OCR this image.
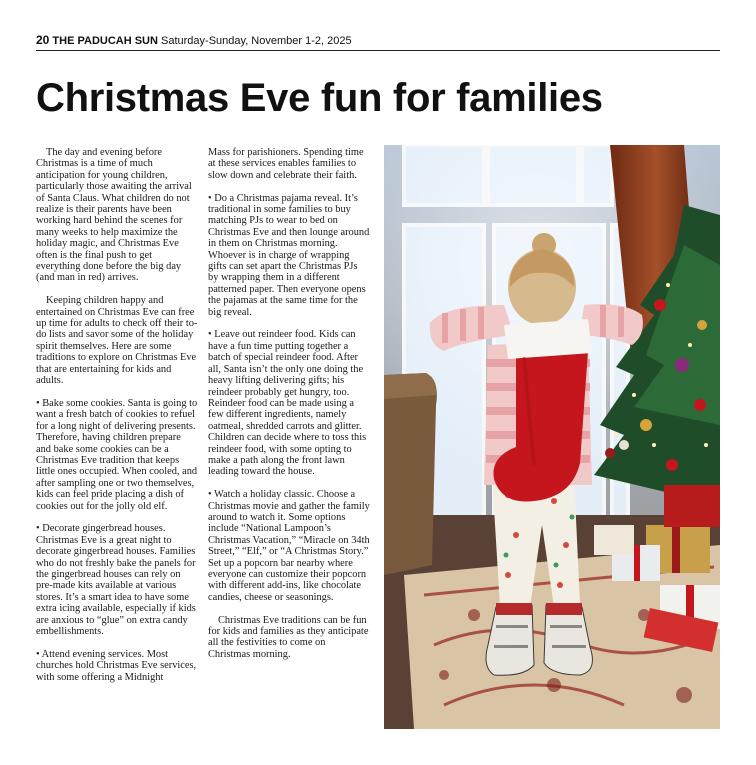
20 THE PADUCAH SUN Saturday-Sunday, November 1-2, 2025
Christmas Eve fun for families

The day and evening before Christmas is a time of much anticipation for young children, particularly those awaiting the arrival of Santa Claus. What children do not realize is their parents have been working hard behind the scenes for many weeks to help maximize the holiday magic, and Christmas Eve often is the final push to get everything done before the big day (and man in red) arrives.

Keeping children happy and entertained on Christmas Eve can free up time for adults to check off their to-do lists and savor some of the holiday spirit themselves. Here are some traditions to explore on Christmas Eve that are entertaining for kids and adults.

• Bake some cookies. Santa is going to want a fresh batch of cookies to refuel for a long night of delivering presents. Therefore, having children prepare and bake some cookies can be a Christmas Eve tradition that keeps little ones occupied. When cooled, and after sampling one or two themselves, kids can feel pride placing a dish of cookies out for the jolly old elf.

• Decorate gingerbread houses. Christmas Eve is a great night to decorate gingerbread houses. Families who do not freshly bake the panels for the gingerbread houses can rely on pre-made kits available at various stores. It’s a smart idea to have some extra icing available, especially if kids are anxious to “glue” on extra candy embellishments.

• Attend evening services. Most churches hold Christmas Eve services, with some offering a Midnight

Mass for parishioners. Spending time at these services enables families to slow down and celebrate their faith.

• Do a Christmas pajama reveal. It’s traditional in some families to buy matching PJs to wear to bed on Christmas Eve and then lounge around in them on Christmas morning. Whoever is in charge of wrapping gifts can set apart the Christmas PJs by wrapping them in a different patterned paper. Then everyone opens the pajamas at the same time for the big reveal.

• Leave out reindeer food. Kids can have a fun time putting together a batch of special reindeer food. After all, Santa isn’t the only one doing the heavy lifting delivering gifts; his reindeer probably get hungry, too. Reindeer food can be made using a few different ingredients, namely oatmeal, shredded carrots and glitter. Children can decide where to toss this reindeer food, with some opting to make a path along the front lawn leading toward the house.

• Watch a holiday classic. Choose a Christmas movie and gather the family around to watch it. Some options include “National Lampoon’s Christmas Vacation,” “Miracle on 34th Street,” “Elf,” or “A Christmas Story.” Set up a popcorn bar nearby where everyone can customize their popcorn with different add-ins, like chocolate candies, cheese or seasonings.

Christmas Eve traditions can be fun for kids and families as they anticipate all the festivities to come on Christmas morning.
